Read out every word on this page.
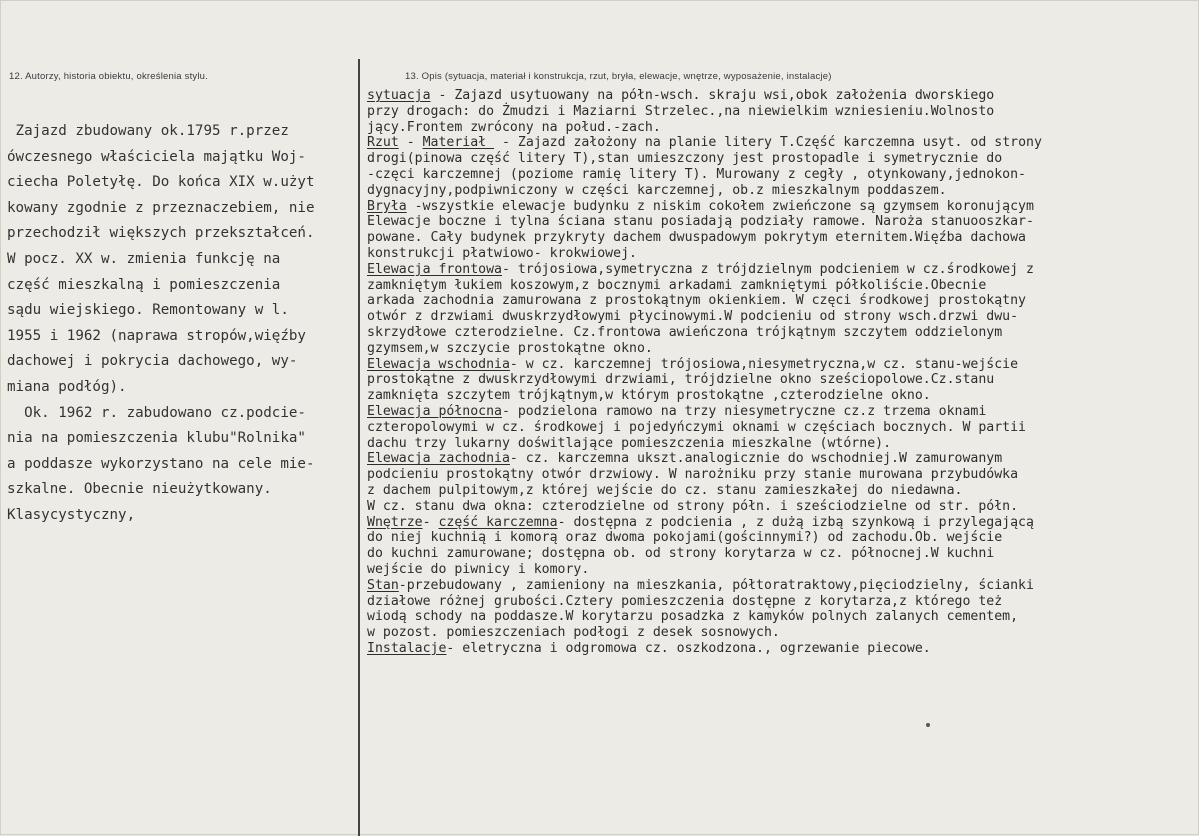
12. Autorzy, historia obiektu, określenia stylu.	13. Opis (sytuacja, materiał i konstrukcja, rzut, bryła, elewacje, wnętrze, wyposażenie, instalacje)

Zajazd zbudowany ok.1795 r.przez

ówczesnego właściciela majątku Woj-

ciecha Poletyłę. Do końca XIX w.użyt

kowany zgodnie z przeznaczebiem, nie

przechodził większych przekształceń.

W pocz. XX w. zmienia funkcję na

część mieszkalną i pomieszczenia

sądu wiejskiego. Remontowany w l.

1955 i 1962 (naprawa stropów,więźby

dachowej i pokrycia dachowego, wy-

miana podłóg).

Ok. 1962 r. zabudowano cz.podcie-

nia na pomieszczenia klubu"Rolnika"

a poddasze wykorzystano na cele mie-

szkalne. Obecnie nieużytkowany.

Klasycystyczny,

sytuacja - Zajazd usytuowany na półn-wsch. skraju wsi,obok założenia dworskiego
przy drogach: do Żmudzi i Maziarni Strzelec.,na niewielkim wzniesieniu.Wolnosto
jący.Frontem zwrócony na połud.-zach.
Rzut - Materiał  - Zajazd założony na planie litery T.Część karczemna usyt. od strony
drogi(pinowa część litery T),stan umieszczony jest prostopadle i symetrycznie do
-częci karczemnej (poziome ramię litery T). Murowany z cegły , otynkowany,jednokon-
dygnacyjny,podpiwniczony w części karczemnej, ob.z mieszkalnym poddaszem.
Bryła -wszystkie elewacje budynku z niskim cokołem zwieńczone są gzymsem koronującym
Elewacje boczne i tylna ściana stanu posiadają podziały ramowe. Naroża stanuooszkar-
powane. Cały budynek przykryty dachem dwuspadowym pokrytym eternitem.Więźba dachowa
konstrukcji płatwiowo- krokwiowej.
Elewacja frontowa- trójosiowa,symetryczna z trójdzielnym podcieniem w cz.środkowej z
zamkniętym łukiem koszowym,z bocznymi arkadami zamkniętymi półkoliście.Obecnie
arkada zachodnia zamurowana z prostokątnym okienkiem. W częci środkowej prostokątny
otwór z drzwiami dwuskrzydłowymi płycinowymi.W podcieniu od strony wsch.drzwi dwu-
skrzydłowe czterodzielne. Cz.frontowa awieńczona trójkątnym szczytem oddzielonym
gzymsem,w szczycie prostokątne okno.
Elewacja wschodnia- w cz. karczemnej trójosiowa,niesymetryczna,w cz. stanu-wejście
prostokątne z dwuskrzydłowymi drzwiami, trójdzielne okno sześciopolowe.Cz.stanu
zamknięta szczytem trójkątnym,w którym prostokątne ,czterodzielne okno.
Elewacja północna- podzielona ramowo na trzy niesymetryczne cz.z trzema oknami
czteropolowymi w cz. środkowej i pojedyńczymi oknami w częściach bocznych. W partii
dachu trzy lukarny doświtlające pomieszczenia mieszkalne (wtórne).
Elewacja zachodnia- cz. karczemna ukszt.analogicznie do wschodniej.W zamurowanym
podcieniu prostokątny otwór drzwiowy. W narożniku przy stanie murowana przybudówka
z dachem pulpitowym,z której wejście do cz. stanu zamieszkałej do niedawna.
W cz. stanu dwa okna: czterodzielne od strony półn. i sześciodzielne od str. półn.
Wnętrze- część karczemna- dostępna z podcienia , z dużą izbą szynkową i przylegającą
do niej kuchnią i komorą oraz dwoma pokojami(gościnnymi?) od zachodu.Ob. wejście
do kuchni zamurowane; dostępna ob. od strony korytarza w cz. północnej.W kuchni
wejście do piwnicy i komory.
Stan-przebudowany , zamieniony na mieszkania, półtoratraktowy,pięciodzielny, ścianki
działowe różnej grubości.Cztery pomieszczenia dostępne z korytarza,z którego też
wiodą schody na poddasze.W korytarzu posadzka z kamyków polnych zalanych cementem,
w pozost. pomieszczeniach podłogi z desek sosnowych.
Instalacje- eletryczna i odgromowa cz. oszkodzona., ogrzewanie piecowe.
